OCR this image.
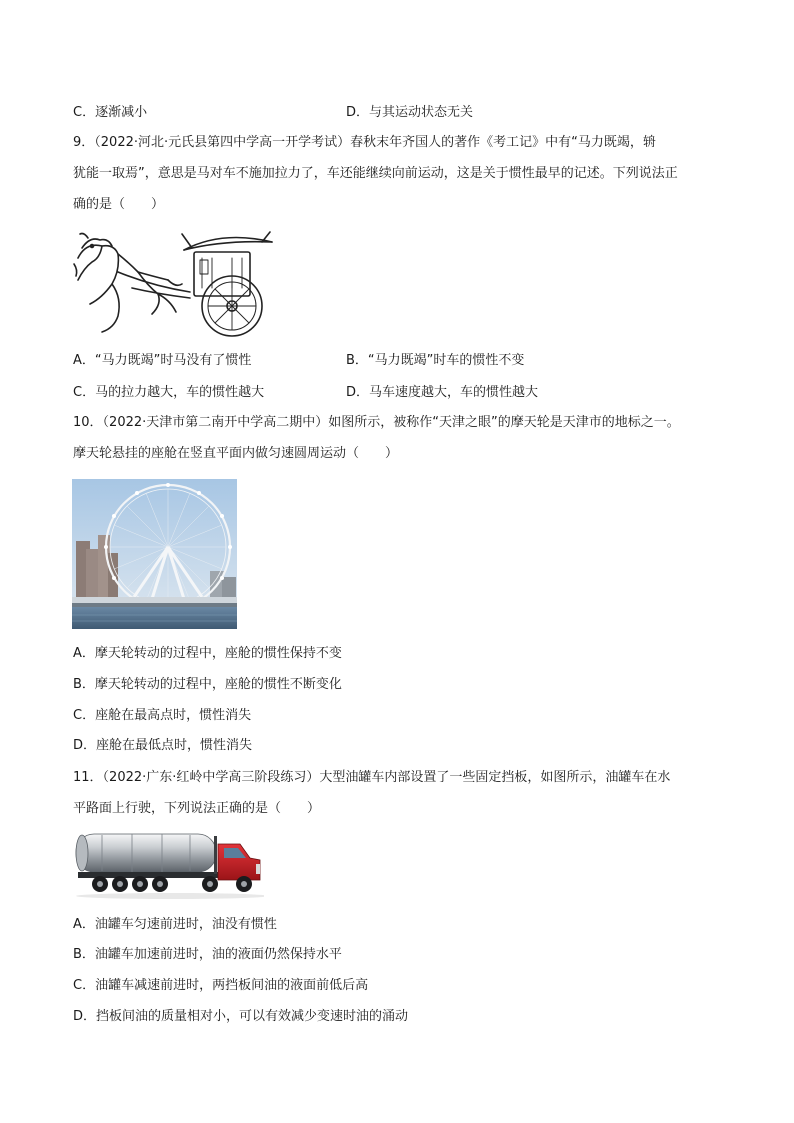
C．逐渐减小	D．与其运动状态无关
9．（2022·河北·元氏县第四中学高一开学考试）春秋末年齐国人的著作《考工记》中有“马力既竭，辀
犹能一取焉”，意思是马对车不施加拉力了，车还能继续向前运动，这是关于惯性最早的记述。下列说法正
确的是（　　）
A．“马力既竭”时马没有了惯性	B．“马力既竭”时车的惯性不变
C．马的拉力越大，车的惯性越大	D．马车速度越大，车的惯性越大
10．（2022·天津市第二南开中学高二期中）如图所示，被称作“天津之眼”的摩天轮是天津市的地标之一。
摩天轮悬挂的座舱在竖直平面内做匀速圆周运动（　　）
A．摩天轮转动的过程中，座舱的惯性保持不变
B．摩天轮转动的过程中，座舱的惯性不断变化
C．座舱在最高点时，惯性消失
D．座舱在最低点时，惯性消失
11．（2022·广东·红岭中学高三阶段练习）大型油罐车内部设置了一些固定挡板，如图所示，油罐车在水
平路面上行驶，下列说法正确的是（　　）
A．油罐车匀速前进时，油没有惯性
B．油罐车加速前进时，油的液面仍然保持水平
C．油罐车减速前进时，两挡板间油的液面前低后高
D．挡板间油的质量相对小，可以有效减少变速时油的涌动
